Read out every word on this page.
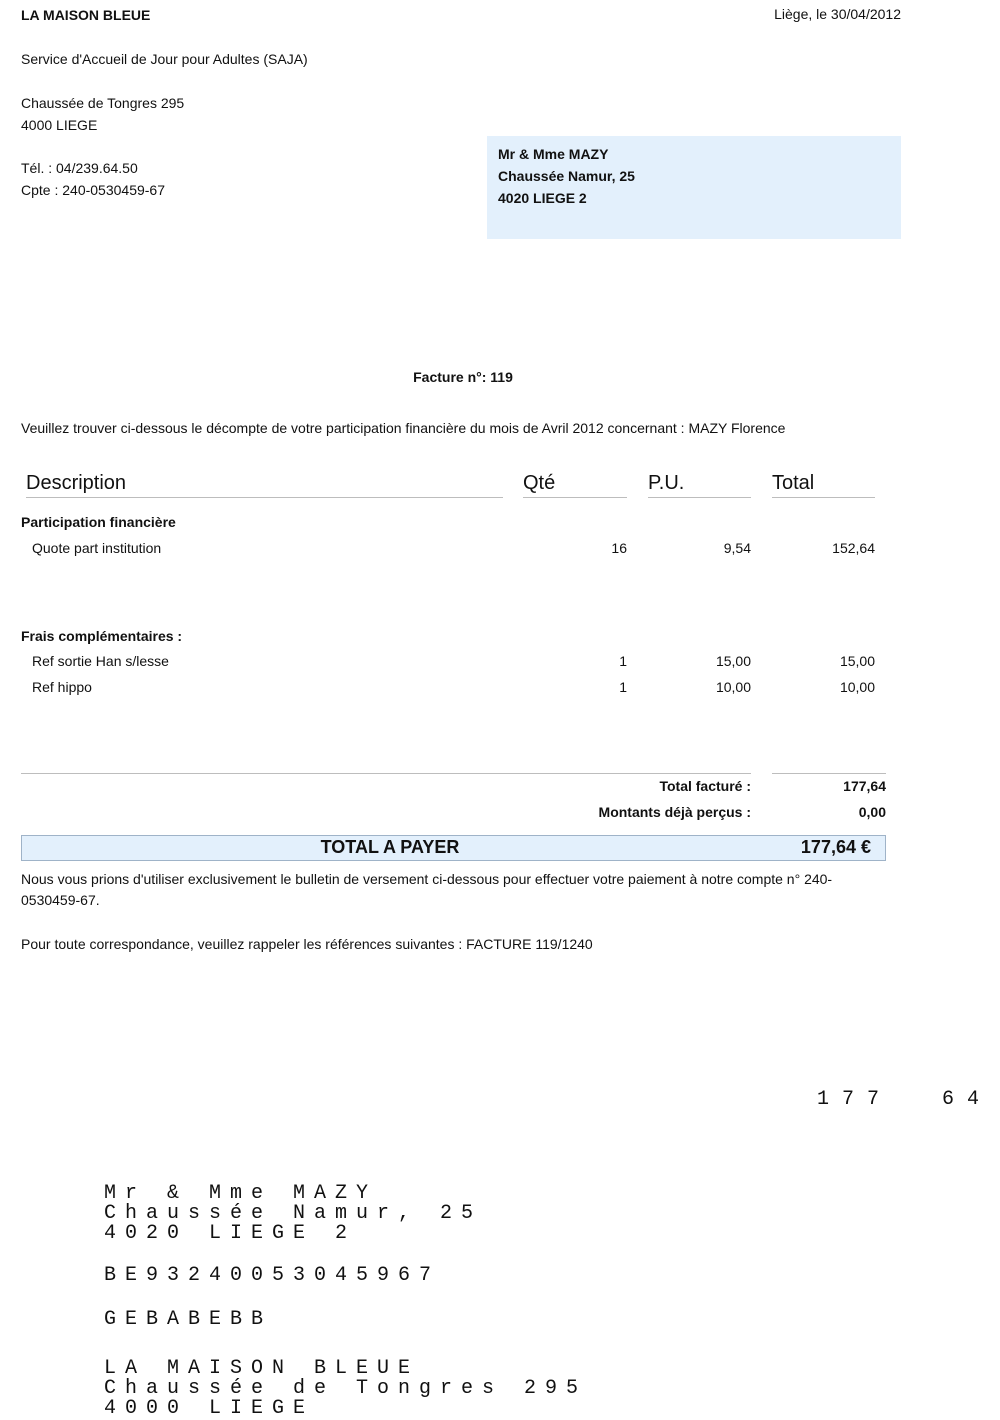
LA MAISON BLEUE	Liège, le 30/04/2012
Service d'Accueil de Jour pour Adultes (SAJA)
Chaussée de Tongres 295
4000 LIEGE
Tél. : 04/239.64.50
Cpte : 240-0530459-67
Mr & Mme MAZY
Chaussée Namur, 25
4020 LIEGE 2
Facture n°: 119
Veuillez trouver ci-dessous le décompte de votre participation financière du mois de Avril 2012 concernant : MAZY Florence
Description	Qté	P.U.	Total
Participation financière
Quote part institution	16	9,54	152,64
Frais complémentaires :
Ref sortie Han s/lesse	1	15,00	15,00
Ref hippo	1	10,00	10,00
Total facturé :	177,64
Montants déjà perçus :	0,00
TOTAL A PAYER	177,64 €
Nous vous prions d'utiliser exclusivement le bulletin de versement ci-dessous pour effectuer votre paiement à notre compte n° 240-0530459-67.
Pour toute correspondance, veuillez rappeler les références suivantes : FACTURE 119/1240
177  64
Mr & Mme MAZY
Chaussée Namur, 25
4020 LIEGE 2
BE93240053045967
GEBABEBB
LA MAISON BLEUE
Chaussée de Tongres 295
4000 LIEGE
